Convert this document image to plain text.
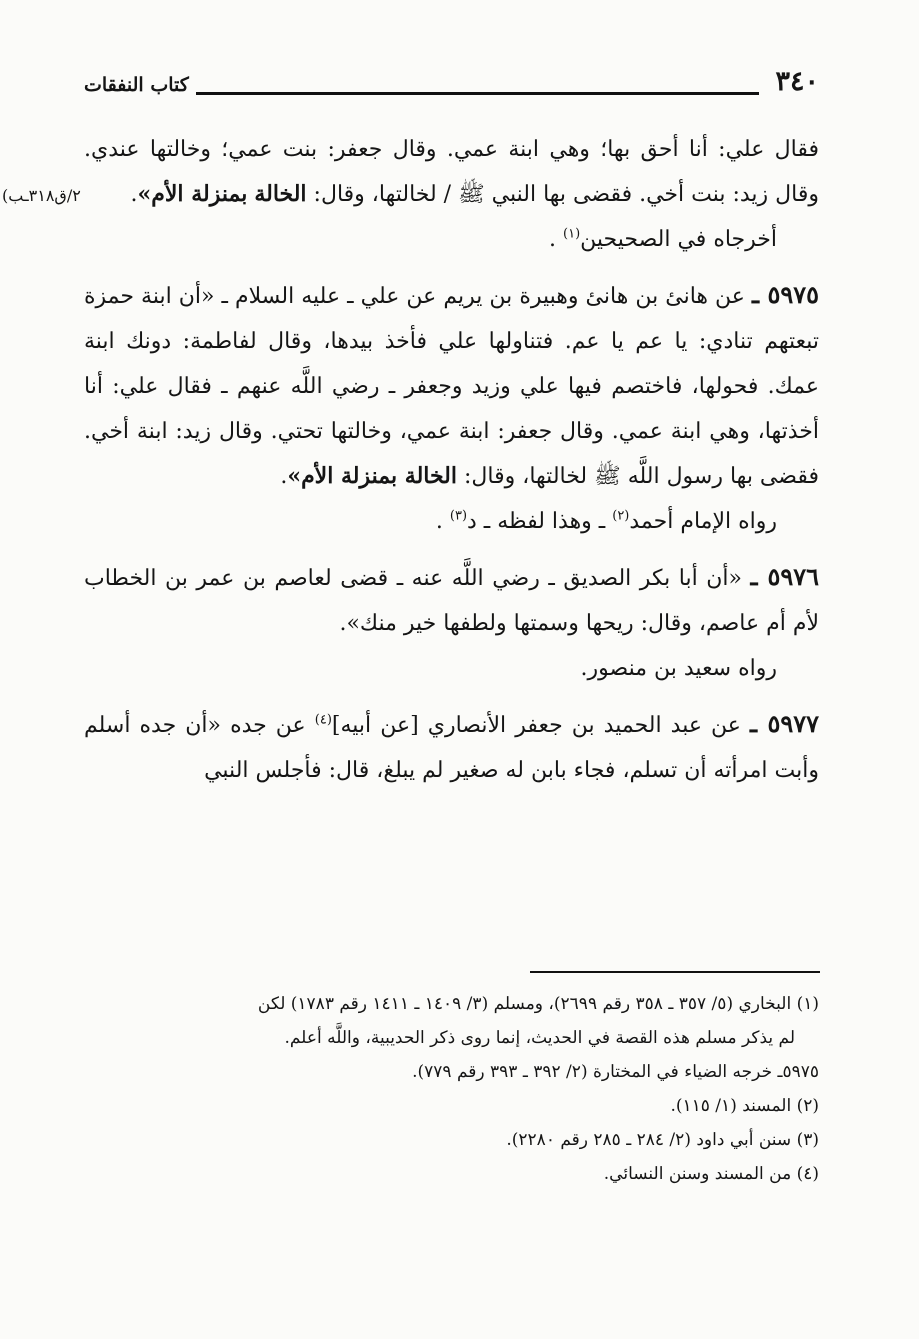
٣٤٠
كتاب النفقات
٢/ق٣١٨ـب)

فقال علي: أنا أحق بها؛ وهي ابنة عمي. وقال جعفر: بنت عمي؛ وخالتها عندي. وقال زيد: بنت أخي. فقضى بها النبي ﷺ / لخالتها، وقال: الخالة بمنزلة الأم».

أخرجاه في الصحيحين$^{(١)}$ .

٥٩٧٥ ـ عن هانئ بن هانئ وهبيرة بن يريم عن علي ـ عليه السلام ـ «أن ابنة حمزة تبعتهم تنادي: يا عم يا عم. فتناولها علي فأخذ بيدها، وقال لفاطمة: دونك ابنة عمك. فحولها، فاختصم فيها علي وزيد وجعفر ـ رضي اللَّه عنهم ـ فقال علي: أنا أخذتها، وهي ابنة عمي. وقال جعفر: ابنة عمي، وخالتها تحتي. وقال زيد: ابنة أخي. فقضى بها رسول اللَّه ﷺ لخالتها، وقال: الخالة بمنزلة الأم».

رواه الإمام أحمد$^{(٢)}$ ـ وهذا لفظه ـ د$^{(٣)}$ .

٥٩٧٦ ـ «أن أبا بكر الصديق ـ رضي اللَّه عنه ـ قضى لعاصم بن عمر بن الخطاب لأم أم عاصم، وقال: ريحها وسمتها ولطفها خير منك».

رواه سعيد بن منصور.

٥٩٧٧ ـ عن عبد الحميد بن جعفر الأنصاري [عن أبيه]$^{(٤)}$ عن جده «أن جده أسلم وأبت امرأته أن تسلم، فجاء بابن له صغير لم يبلغ، قال: فأجلس النبي

(١) البخاري (٥/ ٣٥٧ ـ ٣٥٨ رقم ٢٦٩٩)، ومسلم (٣/ ١٤٠٩ ـ ١٤١١ رقم ١٧٨٣) لكن

لم يذكر مسلم هذه القصة في الحديث، إنما روى ذكر الحديبية، واللَّه أعلم.

٥٩٧٥ـ خرجه الضياء في المختارة (٢/ ٣٩٢ ـ ٣٩٣ رقم ٧٧٩).

(٢) المسند (١/ ١١٥).

(٣) سنن أبي داود (٢/ ٢٨٤ ـ ٢٨٥ رقم ٢٢٨٠).

(٤) من المسند وسنن النسائي.
